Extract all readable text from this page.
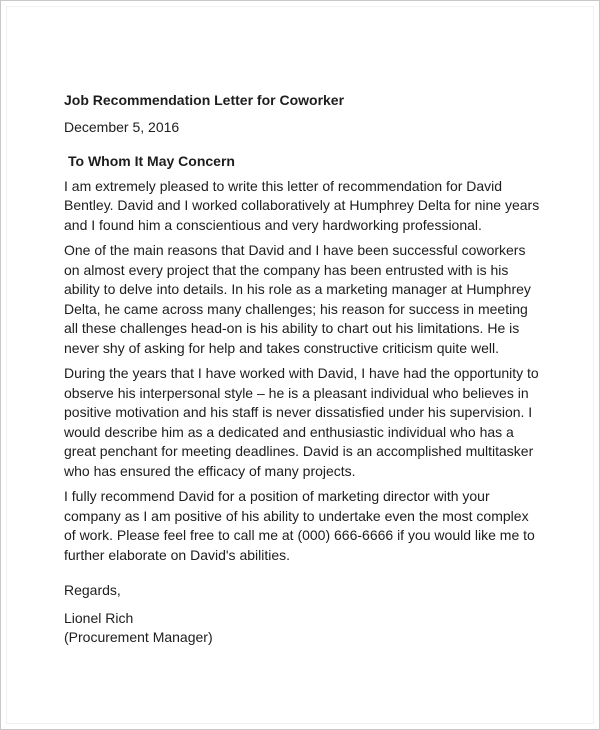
Job Recommendation Letter for Coworker
December 5, 2016
To Whom It May Concern

I am extremely pleased to write this letter of recommendation for David Bentley. David and I worked collaboratively at Humphrey Delta for nine years and I found him a conscientious and very hardworking professional.

One of the main reasons that David and I have been successful coworkers on almost every project that the company has been entrusted with is his ability to delve into details. In his role as a marketing manager at Humphrey Delta, he came across many challenges; his reason for success in meeting all these challenges head-on is his ability to chart out his limitations. He is never shy of asking for help and takes constructive criticism quite well.

During the years that I have worked with David, I have had the opportunity to observe his interpersonal style – he is a pleasant individual who believes in positive motivation and his staff is never dissatisfied under his supervision. I would describe him as a dedicated and enthusiastic individual who has a great penchant for meeting deadlines. David is an accomplished multitasker who has ensured the efficacy of many projects.

I fully recommend David for a position of marketing director with your company as I am positive of his ability to undertake even the most complex of work. Please feel free to call me at (000) 666-6666 if you would like me to further elaborate on David's abilities.

Regards,
Lionel Rich
(Procurement Manager)
